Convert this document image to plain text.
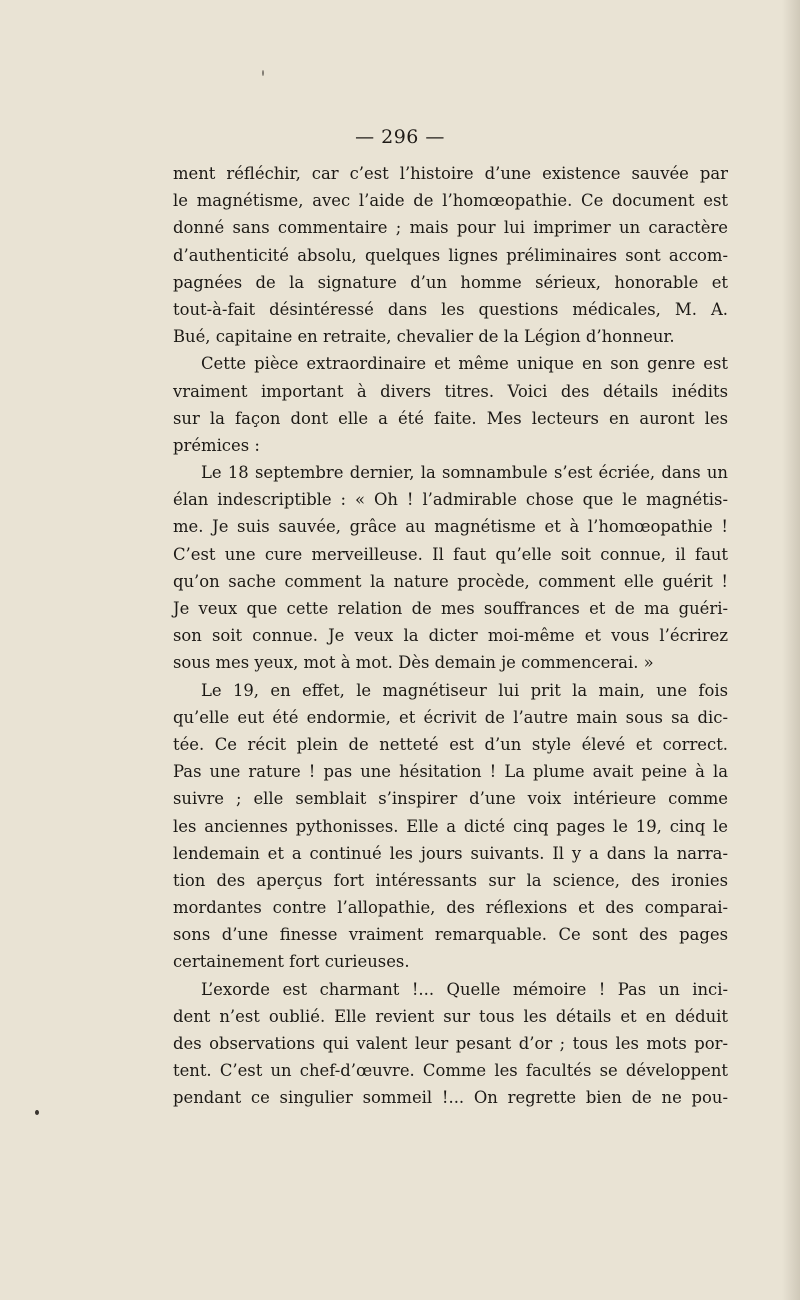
— 296 —
ment réfléchir, car c’est l’histoire d’une existence sauvée par
le magnétisme, avec l’aide de l’homœopathie. Ce document est
donné sans commentaire ; mais pour lui imprimer un caractère
d’authenticité absolu, quelques lignes préliminaires sont accom-
pagnées de la signature d’un homme sérieux, honorable et
tout-à-fait désintéressé dans les questions médicales, M. A.
Bué, capitaine en retraite, chevalier de la Légion d’honneur.
Cette pièce extraordinaire et même unique en son genre est
vraiment important à divers titres. Voici des détails inédits
sur la façon dont elle a été faite. Mes lecteurs en auront les
prémices :
Le 18 septembre dernier, la somnambule s’est écriée, dans un
élan indescriptible : « Oh ! l’admirable chose que le magnétis-
me. Je suis sauvée, grâce au magnétisme et à l’homœopathie !
C’est une cure merveilleuse. Il faut qu’elle soit connue, il faut
qu’on sache comment la nature procède, comment elle guérit !
Je veux que cette relation de mes souffrances et de ma guéri-
son soit connue. Je veux la dicter moi-même et vous l’écrirez
sous mes yeux, mot à mot. Dès demain je commencerai. »
Le 19, en effet, le magnétiseur lui prit la main, une fois
qu’elle eut été endormie, et écrivit de l’autre main sous sa dic-
tée. Ce récit plein de netteté est d’un style élevé et correct.
Pas une rature ! pas une hésitation ! La plume avait peine à la
suivre ; elle semblait s’inspirer d’une voix intérieure comme
les anciennes pythonisses. Elle a dicté cinq pages le 19, cinq le
lendemain et a continué les jours suivants. Il y a dans la narra-
tion des aperçus fort intéressants sur la science, des ironies
mordantes contre l’allopathie, des réflexions et des comparai-
sons d’une finesse vraiment remarquable. Ce sont des pages
certainement fort curieuses.
L’exorde est charmant !... Quelle mémoire ! Pas un inci-
dent n’est oublié. Elle revient sur tous les détails et en déduit
des observations qui valent leur pesant d’or ; tous les mots por-
tent. C’est un chef-d’œuvre. Comme les facultés se développent
pendant ce singulier sommeil !... On regrette bien de ne pou-
